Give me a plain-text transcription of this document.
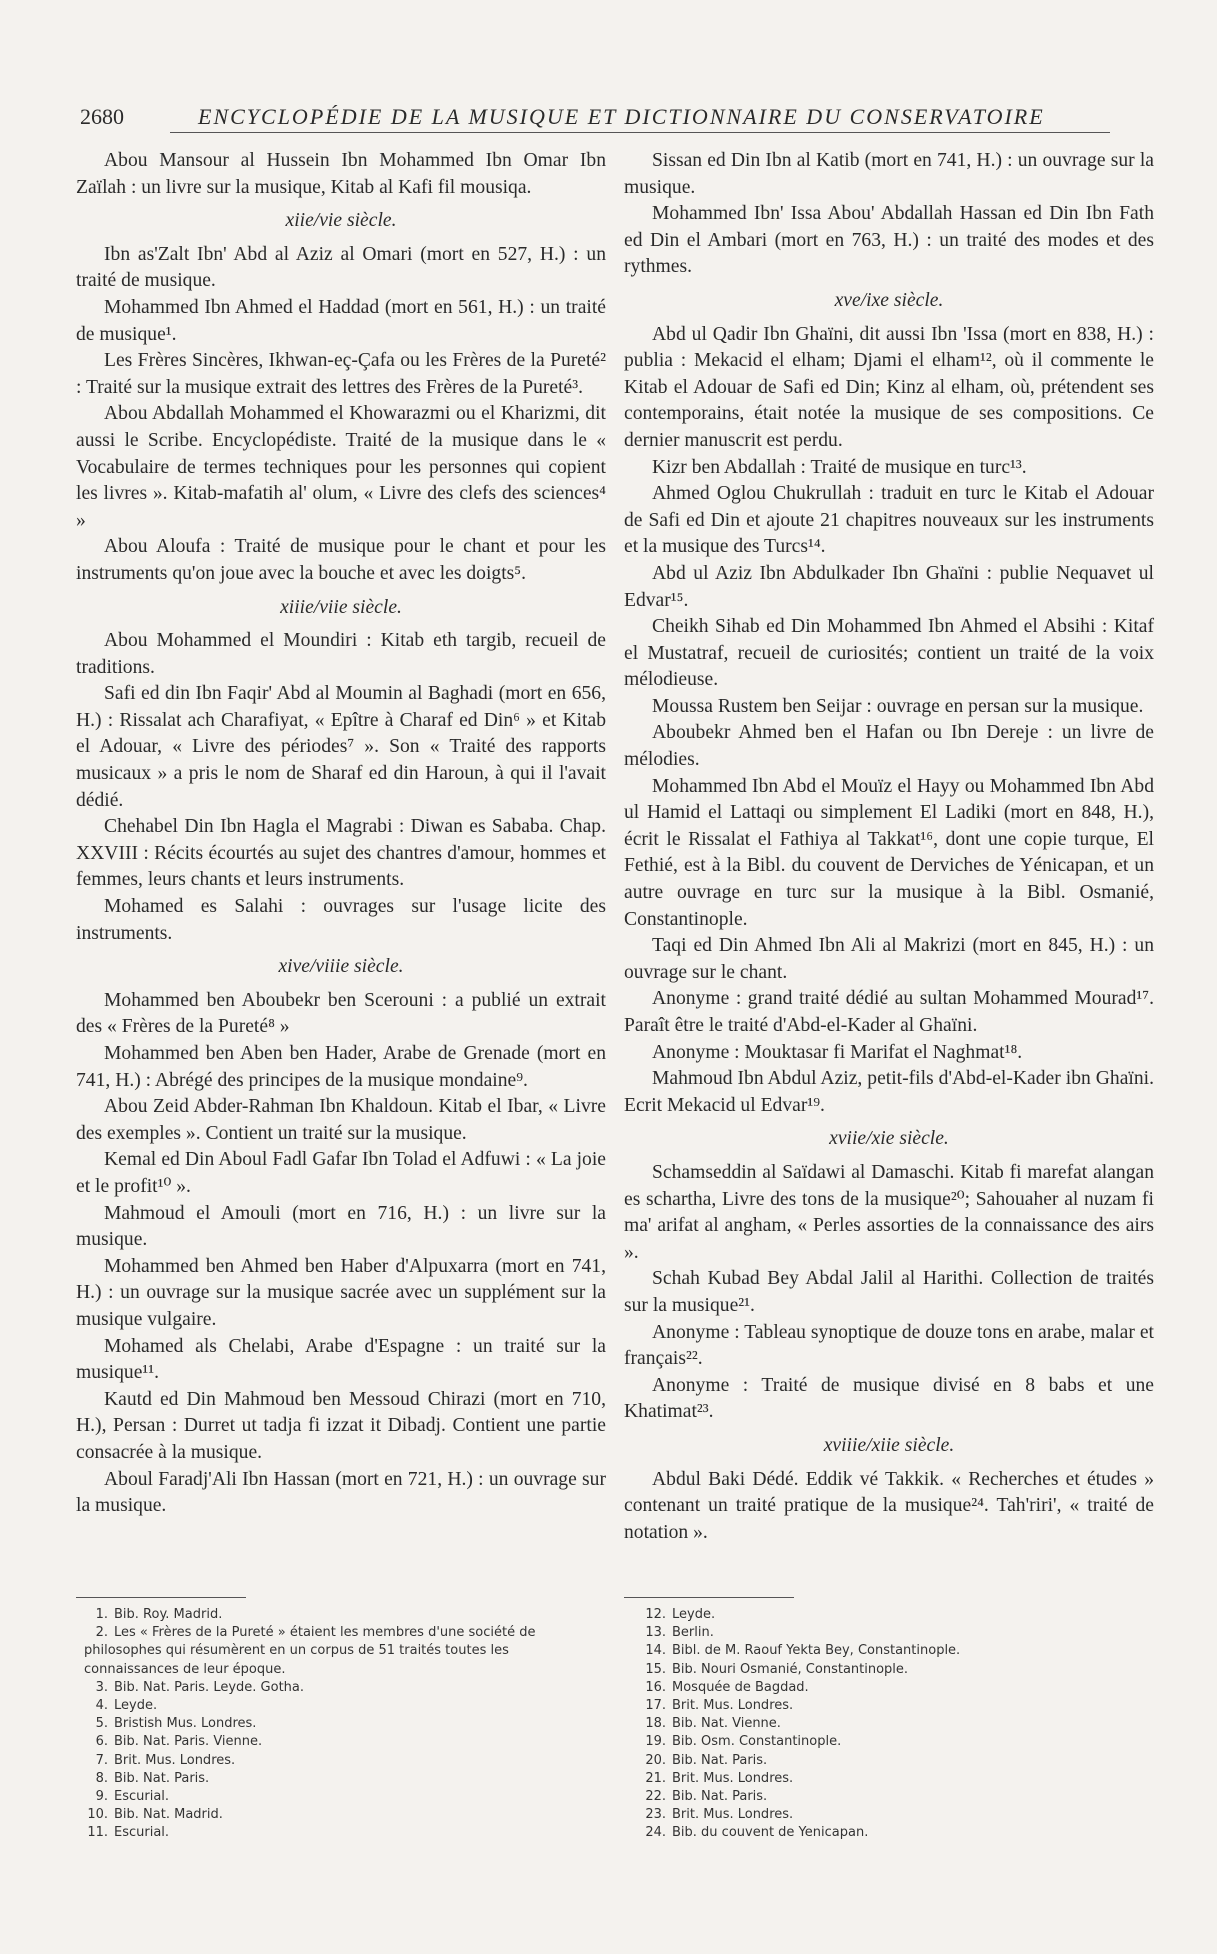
2680	ENCYCLOPÉDIE DE LA MUSIQUE ET DICTIONNAIRE DU CONSERVATOIRE

Abou Mansour al Hussein Ibn Mohammed Ibn Omar Ibn Zaïlah : un livre sur la musique, Kitab al Kafi fil mousiqa.

xiie/vie siècle.

Ibn as'Zalt Ibn' Abd al Aziz al Omari (mort en 527, H.) : un traité de musique.

Mohammed Ibn Ahmed el Haddad (mort en 561, H.) : un traité de musique¹.

Les Frères Sincères, Ikhwan-eç-Çafa ou les Frères de la Pureté² : Traité sur la musique extrait des lettres des Frères de la Pureté³.

Abou Abdallah Mohammed el Khowarazmi ou el Kharizmi, dit aussi le Scribe. Encyclopédiste. Traité de la musique dans le « Vocabulaire de termes techniques pour les personnes qui copient les livres ». Kitab-mafatih al' olum, « Livre des clefs des sciences⁴ »

Abou Aloufa : Traité de musique pour le chant et pour les instruments qu'on joue avec la bouche et avec les doigts⁵.

xiiie/viie siècle.

Abou Mohammed el Moundiri : Kitab eth targib, recueil de traditions.

Safi ed din Ibn Faqir' Abd al Moumin al Baghadi (mort en 656, H.) : Rissalat ach Charafiyat, « Epître à Charaf ed Din⁶ » et Kitab el Adouar, « Livre des périodes⁷ ». Son « Traité des rapports musicaux » a pris le nom de Sharaf ed din Haroun, à qui il l'avait dédié.

Chehabel Din Ibn Hagla el Magrabi : Diwan es Sababa. Chap. XXVIII : Récits écourtés au sujet des chantres d'amour, hommes et femmes, leurs chants et leurs instruments.

Mohamed es Salahi : ouvrages sur l'usage licite des instruments.

xive/viiie siècle.

Mohammed ben Aboubekr ben Scerouni : a publié un extrait des « Frères de la Pureté⁸ »

Mohammed ben Aben ben Hader, Arabe de Grenade (mort en 741, H.) : Abrégé des principes de la musique mondaine⁹.

Abou Zeid Abder-Rahman Ibn Khaldoun. Kitab el Ibar, « Livre des exemples ». Contient un traité sur la musique.

Kemal ed Din Aboul Fadl Gafar Ibn Tolad el Adfuwi : « La joie et le profit¹⁰ ».

Mahmoud el Amouli (mort en 716, H.) : un livre sur la musique.

Mohammed ben Ahmed ben Haber d'Alpuxarra (mort en 741, H.) : un ouvrage sur la musique sacrée avec un supplément sur la musique vulgaire.

Mohamed als Chelabi, Arabe d'Espagne : un traité sur la musique¹¹.

Kautd ed Din Mahmoud ben Messoud Chirazi (mort en 710, H.), Persan : Durret ut tadja fi izzat it Dibadj. Contient une partie consacrée à la musique.

Aboul Faradj'Ali Ibn Hassan (mort en 721, H.) : un ouvrage sur la musique.

Sissan ed Din Ibn al Katib (mort en 741, H.) : un ouvrage sur la musique.

Mohammed Ibn' Issa Abou' Abdallah Hassan ed Din Ibn Fath ed Din el Ambari (mort en 763, H.) : un traité des modes et des rythmes.

xve/ixe siècle.

Abd ul Qadir Ibn Ghaïni, dit aussi Ibn 'Issa (mort en 838, H.) : publia : Mekacid el elham; Djami el elham¹², où il commente le Kitab el Adouar de Safi ed Din; Kinz al elham, où, prétendent ses contemporains, était notée la musique de ses compositions. Ce dernier manuscrit est perdu.

Kizr ben Abdallah : Traité de musique en turc¹³.

Ahmed Oglou Chukrullah : traduit en turc le Kitab el Adouar de Safi ed Din et ajoute 21 chapitres nouveaux sur les instruments et la musique des Turcs¹⁴.

Abd ul Aziz Ibn Abdulkader Ibn Ghaïni : publie Nequavet ul Edvar¹⁵.

Cheikh Sihab ed Din Mohammed Ibn Ahmed el Absihi : Kitaf el Mustatraf, recueil de curiosités; contient un traité de la voix mélodieuse.

Moussa Rustem ben Seijar : ouvrage en persan sur la musique.

Aboubekr Ahmed ben el Hafan ou Ibn Dereje : un livre de mélodies.

Mohammed Ibn Abd el Mouïz el Hayy ou Mohammed Ibn Abd ul Hamid el Lattaqi ou simplement El Ladiki (mort en 848, H.), écrit le Rissalat el Fathiya al Takkat¹⁶, dont une copie turque, El Fethié, est à la Bibl. du couvent de Derviches de Yénicapan, et un autre ouvrage en turc sur la musique à la Bibl. Osmanié, Constantinople.

Taqi ed Din Ahmed Ibn Ali al Makrizi (mort en 845, H.) : un ouvrage sur le chant.

Anonyme : grand traité dédié au sultan Mohammed Mourad¹⁷. Paraît être le traité d'Abd-el-Kader al Ghaïni.

Anonyme : Mouktasar fi Marifat el Naghmat¹⁸.

Mahmoud Ibn Abdul Aziz, petit-fils d'Abd-el-Kader ibn Ghaïni. Ecrit Mekacid ul Edvar¹⁹.

xviie/xie siècle.

Schamseddin al Saïdawi al Damaschi. Kitab fi marefat alangan es schartha, Livre des tons de la musique²⁰; Sahouaher al nuzam fi ma' arifat al angham, « Perles assorties de la connaissance des airs ».

Schah Kubad Bey Abdal Jalil al Harithi. Collection de traités sur la musique²¹.

Anonyme : Tableau synoptique de douze tons en arabe, malar et français²².

Anonyme : Traité de musique divisé en 8 babs et une Khatimat²³.

xviiie/xiie siècle.

Abdul Baki Dédé. Eddik vé Takkik. « Recherches et études » contenant un traité pratique de la musique²⁴. Tah'riri', « traité de notation ».

1. Bib. Roy. Madrid.
2. Les « Frères de la Pureté » étaient les membres d'une société de philosophes qui résumèrent en un corpus de 51 traités toutes les connaissances de leur époque.
3. Bib. Nat. Paris. Leyde. Gotha.
4. Leyde.
5. Bristish Mus. Londres.
6. Bib. Nat. Paris. Vienne.
7. Brit. Mus. Londres.
8. Bib. Nat. Paris.
9. Escurial.
10. Bib. Nat. Madrid.
11. Escurial.
12. Leyde.
13. Berlin.
14. Bibl. de M. Raouf Yekta Bey, Constantinople.
15. Bib. Nouri Osmanié, Constantinople.
16. Mosquée de Bagdad.
17. Brit. Mus. Londres.
18. Bib. Nat. Vienne.
19. Bib. Osm. Constantinople.
20. Bib. Nat. Paris.
21. Brit. Mus. Londres.
22. Bib. Nat. Paris.
23. Brit. Mus. Londres.
24. Bib. du couvent de Yenicapan.
